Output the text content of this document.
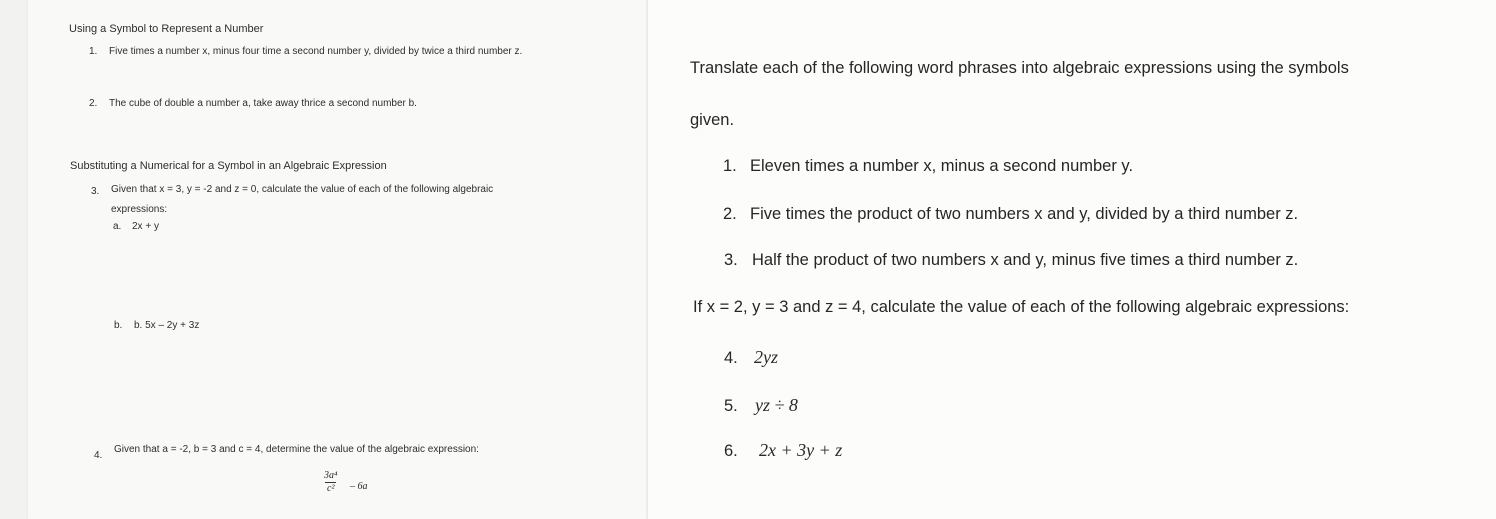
Using a Symbol to Represent a Number
1. Five times a number x, minus four time a second number y, divided by twice a third number z.
2. The cube of double a number a, take away thrice a second number b.
Substituting a Numerical for a Symbol in an Algebraic Expression
3. Given that x = 3, y = -2 and z = 0, calculate the value of each of the following algebraic
expressions:
a. 2x + y
b. b. 5x – 2y + 3z
4.
Given that a = -2, b = 3 and c = 4, determine the value of the algebraic expression:
3a⁴
c²	– 6a
Translate each of the following word phrases into algebraic expressions using the symbols
given.
1. Eleven times a number x, minus a second number y.
2. Five times the product of two numbers x and y, divided by a third number z.
3. Half the product of two numbers x and y, minus five times a third number z.
If x = 2, y = 3 and z = 4, calculate the value of each of the following algebraic expressions:
4. 2yz
5. yz ÷ 8
6. 2x + 3y + z
